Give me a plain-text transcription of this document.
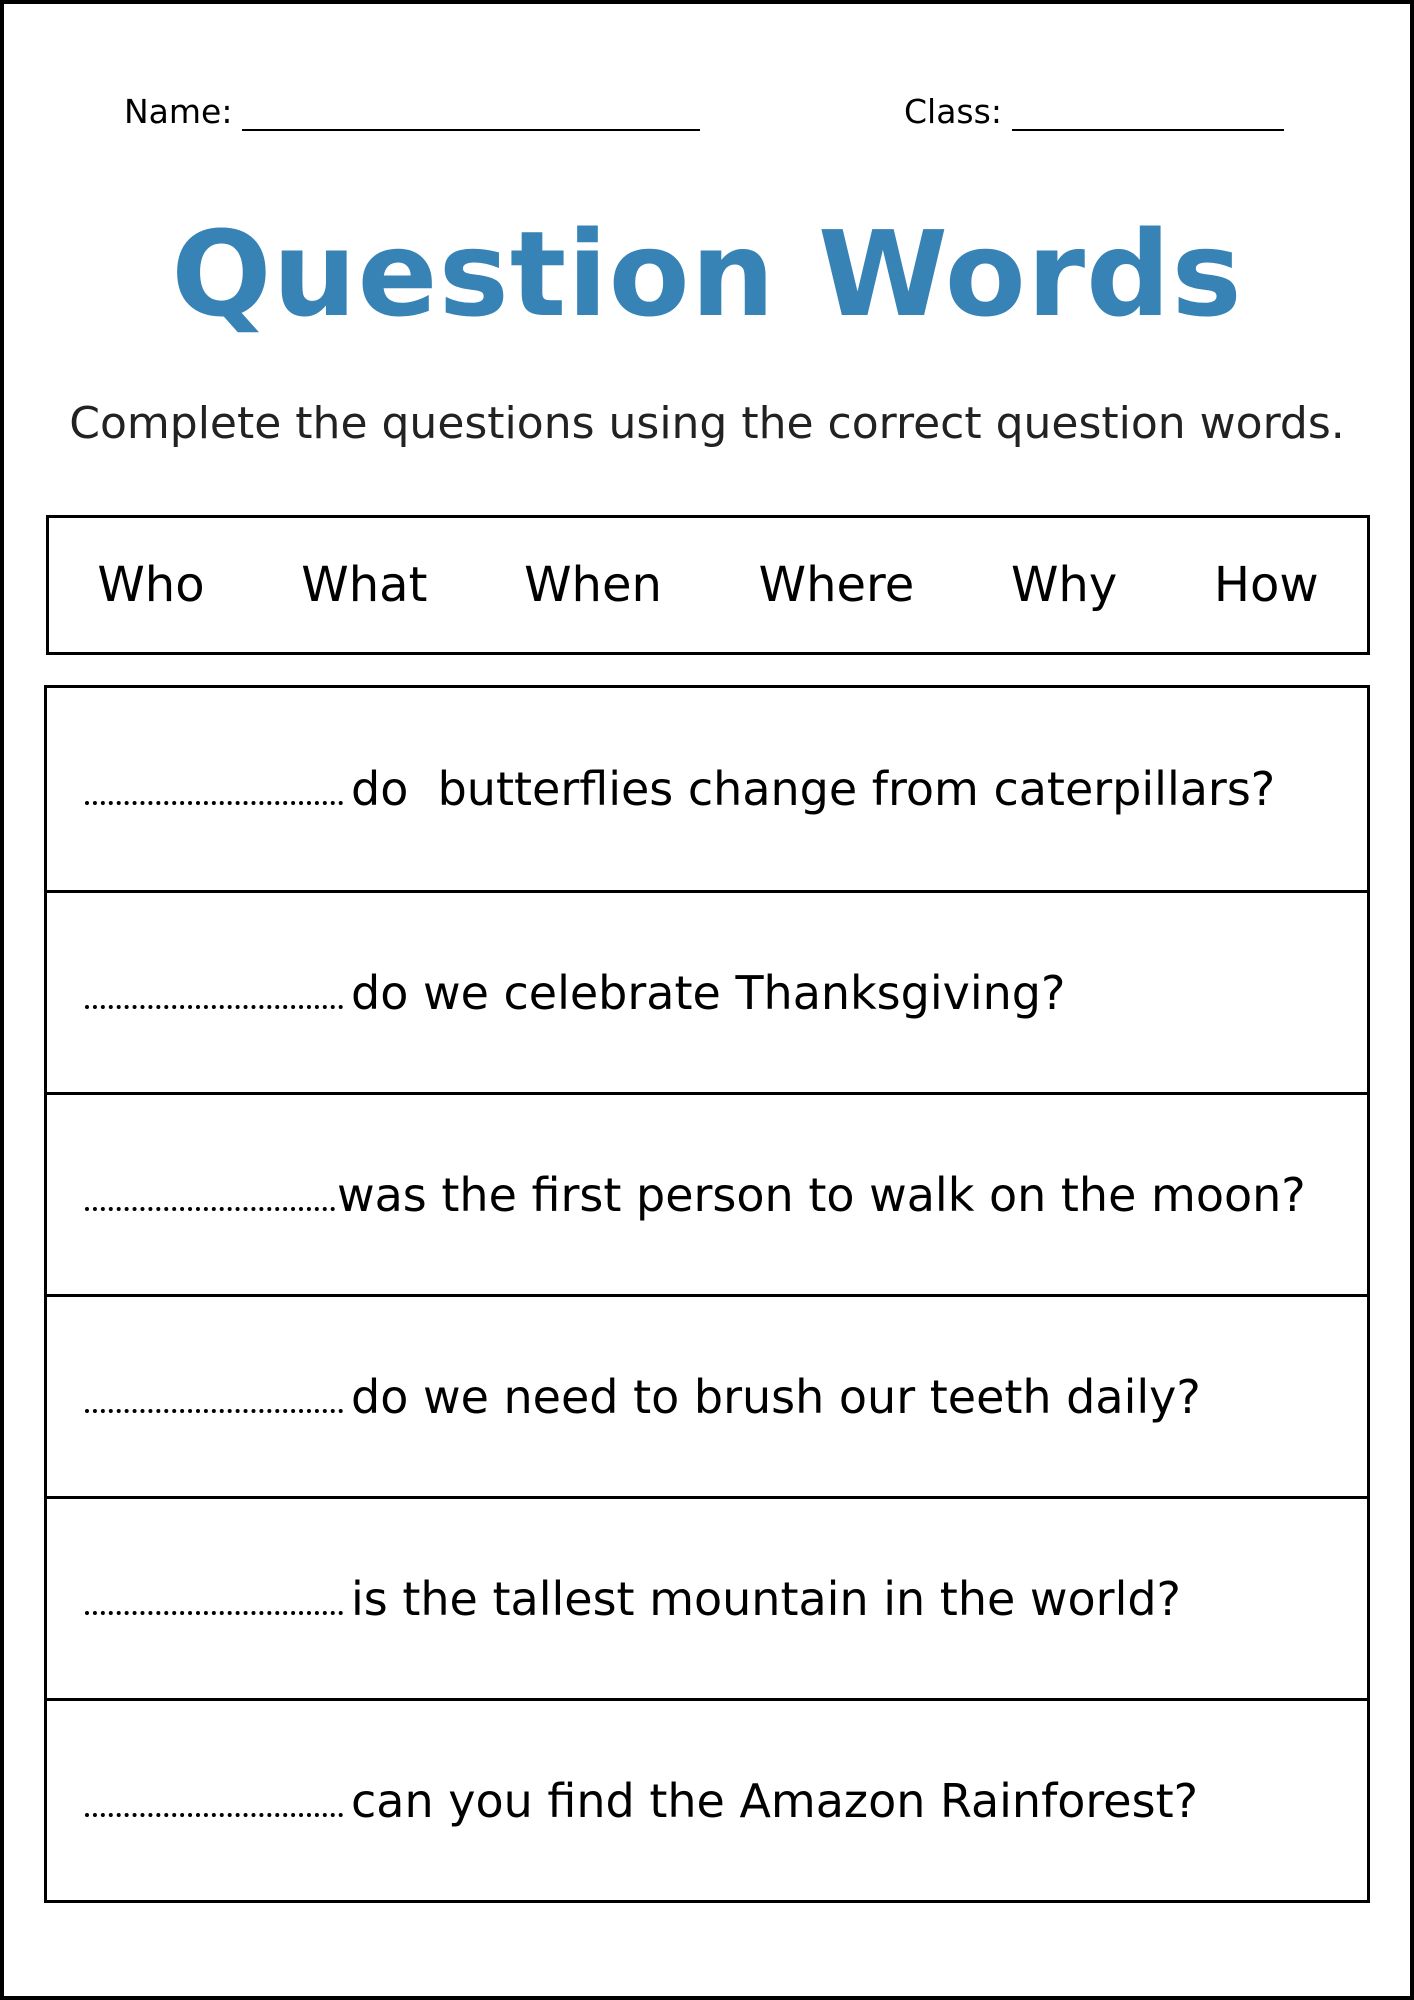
Name:	Class:
Question Words
Complete the questions using the correct question words.
Who What When Where Why How
do  butterflies change from caterpillars?
do we celebrate Thanksgiving?
was the first person to walk on the moon?
do we need to brush our teeth daily?
is the tallest mountain in the world?
can you find the Amazon Rainforest?
